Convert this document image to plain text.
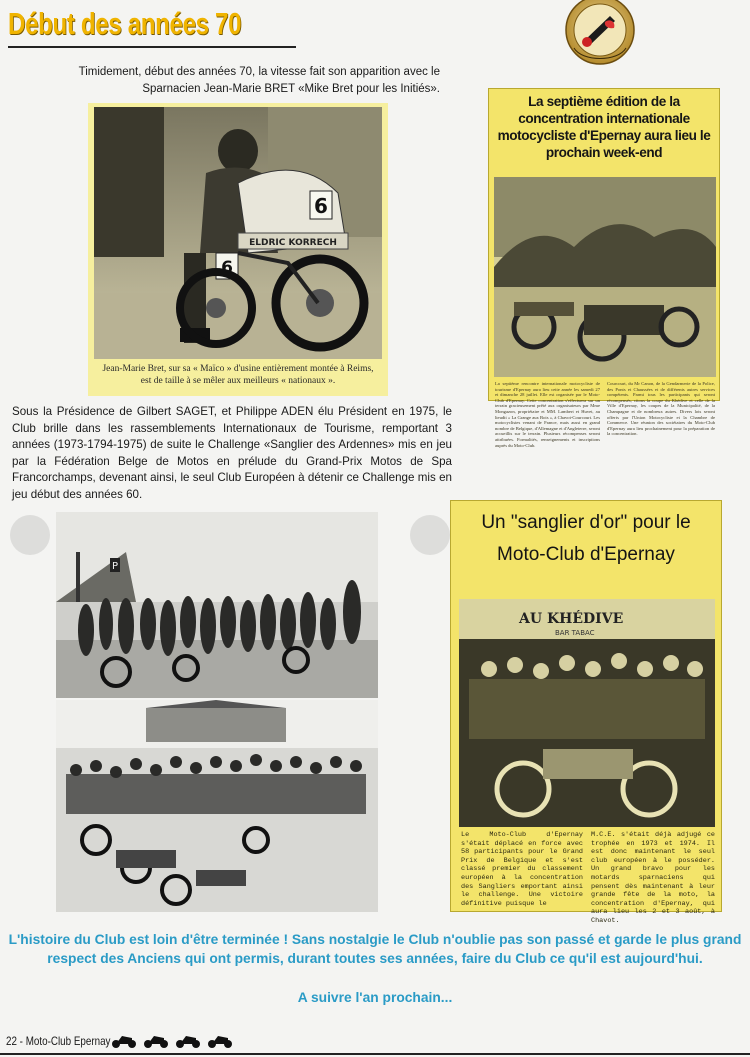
Début des années 70
Timidement, début des années 70, la vitesse fait son apparition avec le Sparnacien Jean-Marie BRET «Mike Bret pour les Initiés».
6
ELDRIC KORRECH
6
Jean-Marie Bret, sur sa « Maïco » d'usine entièrement montée à Reims, est de taille à se mêler aux meilleurs « nationaux ».
La septième édition de la concentration internationale motocycliste d'Epernay aura lieu le prochain week-end
La septième rencontre internationale motocycliste de tourisme d'Epernay aura lieu cette année les samedi 27 et dimanche 28 juillet. Elle est organisée par le Moto-Club d'Epernay. Cette concentration s'effectuera sur un terrain gracieusement prêté aux organisateurs par Mme Mongazon, propriétaire et MM. Lambert et Huvet, au lieudit « La Grange aux Bois », à Chavot-Courcourt. Les motocyclistes venant de France, mais aussi en grand nombre de Belgique, d'Allemagne et d'Angleterre, seront accueillis sur le terrain. Plusieurs récompenses seront attribuées. Formalités, renseignements et inscriptions auprès du Moto-Club.
Courcourt, du Mr Canon, de la Gendarmerie de la Police, des Ponts et Chaussées et de différents autres services compétents. Parmi tous les participants qui seront récompensés, citons la coupe du Khédive et celle de la Ville d'Epernay, les coupes de la Municipalité, de la Champagne et de nombreux autres. Divers lots seront offerts par l'Union Motocycliste et la Chambre de Commerce. Une réunion des sociétaires du Moto-Club d'Epernay aura lieu prochainement pour la préparation de la concentration.
Sous la Présidence de Gilbert SAGET, et Philippe ADEN élu Président en 1975, le Club brille dans les rassemblements Internationaux de Tourisme, remportant 3 années (1973-1794-1975) de suite le Challenge «Sanglier des Ardennes» mis en jeu par la Fédération Belge de Motos en prélude du Grand-Prix Motos de Spa Francorchamps, devenant ainsi, le seul Club Européen à détenir ce Challenge mis en jeu début des années 60.
P
Un "sanglier d'or" pour le Moto-Club d'Epernay
AU KHÉDIVE
BAR TABAC
Le Moto-Club d'Epernay s'était déplacé en force avec 58 participants pour le Grand Prix de Belgique et s'est classé premier du classement européen à la concentration des Sangliers emportant ainsi le challenge. Une victoire définitive puisque le
M.C.E. s'était déjà adjugé ce trophée en 1973 et 1974. Il est donc maintenant le seul club européen à le posséder. Un grand bravo pour les motards sparnaciens qui pensent dès maintenant à leur grande fête de la moto, la concentration d'Epernay, qui aura lieu les 2 et 3 août, à Chavot.
L'histoire du Club est loin d'être terminée ! Sans nostalgie le Club n'oublie pas son passé et garde le plus grand respect des Anciens qui ont permis, durant toutes ses années, faire du Club ce qu'il est aujourd'hui.
A suivre l'an prochain...
22 - Moto-Club Epernay
